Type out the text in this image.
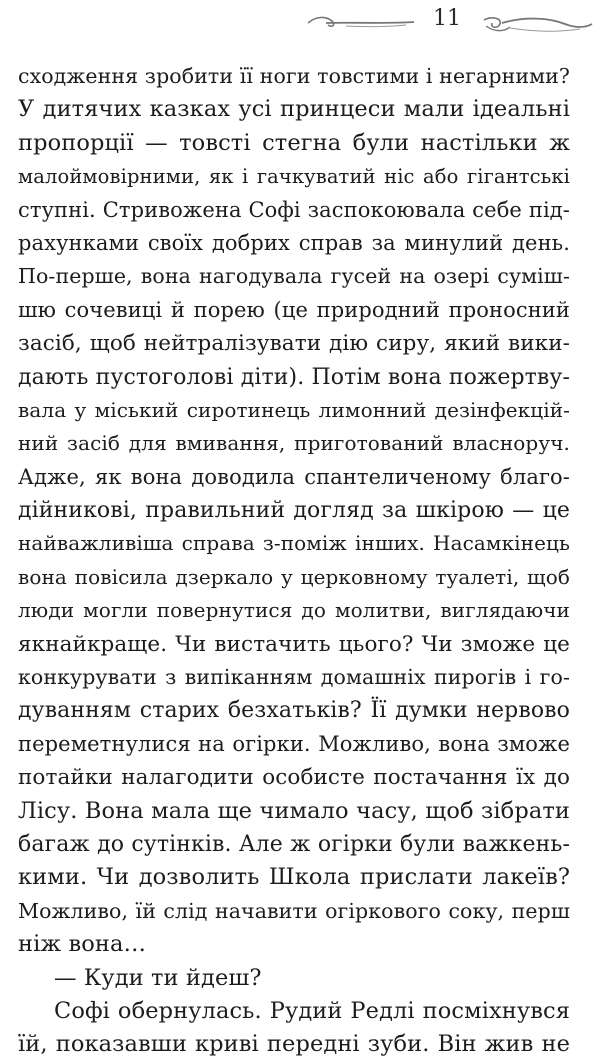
11
сходження зробити її ноги товстими і негарними?
У дитячих казках усі принцеси мали ідеальні
пропорції — товсті стегна були настільки ж
малоймовірними, як і гачкуватий ніс або гігантські
ступні. Стривожена Софі заспокоювала себе під-
рахунками своїх добрих справ за минулий день.
По-перше, вона нагодувала гусей на озері суміш-
шю сочевиці й порею (це природний проносний
засіб, щоб нейтралізувати дію сиру, який вики-
дають пустоголові діти). Потім вона пожертву-
вала у міський сиротинець лимонний дезінфекцій-
ний засіб для вмивання, приготований власноруч.
Адже, як вона доводила спантеличеному благо-
дійникові, правильний догляд за шкірою — це
найважливіша справа з-поміж інших. Насамкінець
вона повісила дзеркало у церковному туалеті, щоб
люди могли повернутися до молитви, виглядаючи
якнайкраще. Чи вистачить цього? Чи зможе це
конкурувати з випіканням домашніх пирогів і го-
дуванням старих безхатьків? Її думки нервово
переметнулися на огірки. Можливо, вона зможе
потайки налагодити особисте постачання їх до
Лісу. Вона мала ще чимало часу, щоб зібрати
багаж до сутінків. Але ж огірки були важкень-
кими. Чи дозволить Школа прислати лакеїв?
Можливо, їй слід начавити огіркового соку, перш
ніж вона…
— Куди ти йдеш?
Софі обернулась. Рудий Редлі посміхнувся
їй, показавши криві передні зуби. Він жив не
